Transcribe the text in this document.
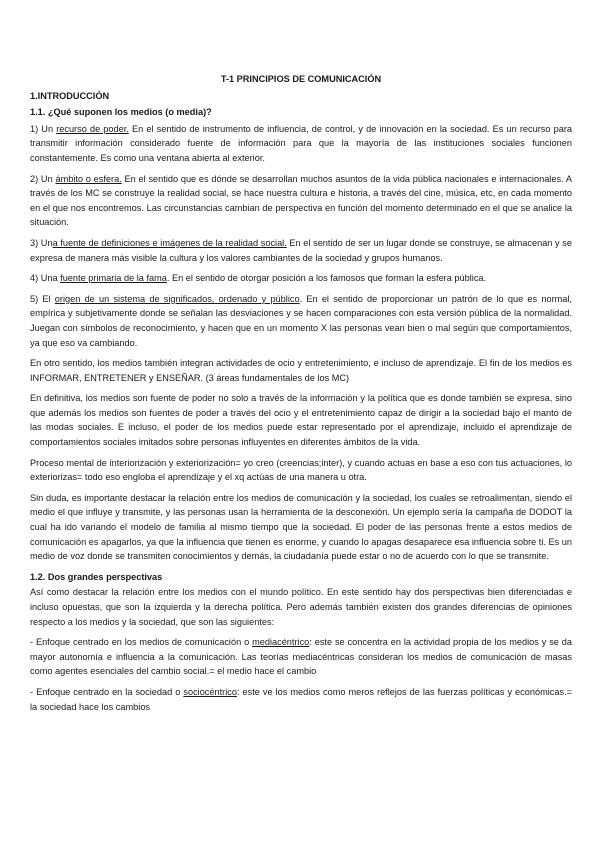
T-1 PRINCIPIOS DE COMUNICACIÓN
1.INTRODUCCIÓN
1.1. ¿Qué suponen los medios (o media)?

1) Un recurso de poder. En el sentido de instrumento de influencia, de control, y de innovación en la sociedad. Es un recurso para transmitir información considerado fuente de información para que la mayoría de las instituciones sociales funcionen constantemente. Es como una ventana abierta al exterior.

2) Un ámbito o esfera. En el sentido que es dónde se desarrollan muchos asuntos de la vida pública nacionales e internacionales. A través de los MC se construye la realidad social, se hace nuestra cultura e historia, a través del cine, música, etc, en cada momento en el que nos encontremos. Las circunstancias cambian de perspectiva en función del momento determinado en el que se analice la situación.

3) Una fuente de definiciones e imágenes de la realidad social. En el sentido de ser un lugar donde se construye, se almacenan y se expresa de manera más visible la cultura y los valores cambiantes de la sociedad y grupos humanos.

4) Una fuente primaria de la fama. En el sentido de otorgar posición a los famosos que forman la esfera pública.

5) El origen de un sistema de significados, ordenado y público. En el sentido de proporcionar un patrón de lo que es normal, empírica y subjetivamente donde se señalan las desviaciones y se hacen comparaciones con esta versión pública de la normalidad. Juegan con símbolos de reconocimiento, y hacen que en un momento X las personas vean bien o mal según que comportamientos, ya que eso va cambiando.

En otro sentido, los medios también integran actividades de ocio y entretenimiento, e incluso de aprendizaje. El fin de los medios es INFORMAR, ENTRETENER y ENSEÑAR. (3 áreas fundamentales de los MC)

En definitiva, los medios son fuente de poder no solo a través de la información y la política que es donde también se expresa, sino que además los medios son fuentes de poder a través del ocio y el entretenimiento capaz de dirigir a la sociedad bajo el manto de las modas sociales. E incluso, el poder de los medios puede estar representado por el aprendizaje, incluido el aprendizaje de comportamientos sociales imitados sobre personas influyentes en diferentes ámbitos de la vida.

Proceso mental de interiorización y exteriorización= yo creo (creencias;inter), y cuando actuas en base a eso con tus actuaciones, lo exteriorizas= todo eso engloba el aprendizaje y el xq actúas de una manera u otra.

Sin duda, es importante destacar la relación entre los medios de comunicación y la sociedad, los cuales se retroalimentan, siendo el medio el que influye y transmite, y las personas usan la herramienta de la desconexión. Un ejemplo sería la campaña de DODOT la cual ha ido variando el modelo de familia al mismo tiempo que la sociedad. El poder de las personas frente a estos medios de comunicación es apagarlos, ya que la influencia que tienen es enorme, y cuando lo apagas desaparece esa influencia sobre ti. Es un medio de voz donde se transmiten conocimientos y demás, la ciudadanía puede estar o no de acuerdo con lo que se transmite.

1.2. Dos grandes perspectivas

Así como destacar la relación entre los medios con el mundo político. En este sentido hay dos perspectivas bien diferenciadas e incluso opuestas, que son la izquierda y la derecha política. Pero además también existen dos grandes diferencias de opiniones respecto a los medios y la sociedad, que son las siguientes:

- Enfoque centrado en los medios de comunicación o mediacéntrico: este se concentra en la actividad propia de los medios y se da mayor autonomía e influencia a la comunicación. Las teorías mediacéntricas consideran los medios de comunicación de masas como agentes esenciales del cambio social.= el medio hace el cambio

- Enfoque centrado en la sociedad o sociocéntrico: este ve los medios como meros reflejos de las fuerzas políticas y económicas.= la sociedad hace los cambios
